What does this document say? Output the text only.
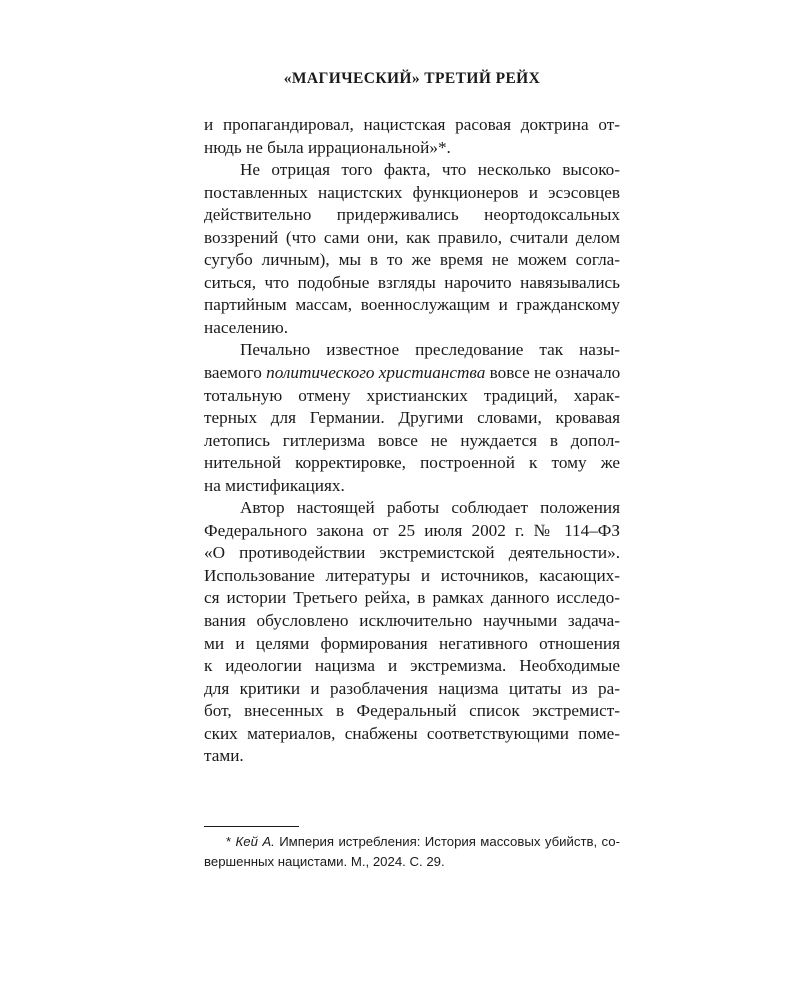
«МАГИЧЕСКИЙ» ТРЕТИЙ РЕЙХ
и пропагандировал, нацистская расовая доктрина от-
нюдь не была иррациональной»*.
Не отрицая того факта, что несколько высоко-
поставленных нацистских функционеров и эсэсовцев
действительно придерживались неортодоксальных
воззрений (что сами они, как правило, считали делом
сугубо личным), мы в то же время не можем согла-
ситься, что подобные взгляды нарочито навязывались
партийным массам, военнослужащим и гражданскому
населению.
Печально известное преследование так назы-
ваемого политического христианства вовсе не означало
тотальную отмену христианских традиций, харак-
терных для Германии. Другими словами, кровавая
летопись гитлеризма вовсе не нуждается в допол-
нительной корректировке, построенной к тому же
на мистификациях.
Автор настоящей работы соблюдает положения
Федерального закона от 25 июля 2002 г. № 114–ФЗ
«О противодействии экстремистской деятельности».
Использование литературы и источников, касающих-
ся истории Третьего рейха, в рамках данного исследо-
вания обусловлено исключительно научными задача-
ми и целями формирования негативного отношения
к идеологии нацизма и экстремизма. Необходимые
для критики и разоблачения нацизма цитаты из ра-
бот, внесенных в Федеральный список экстремист-
ских материалов, снабжены соответствующими поме-
тами.
* Кей А. Империя истребления: История массовых убийств, со-
вершенных нацистами. М., 2024. С. 29.
